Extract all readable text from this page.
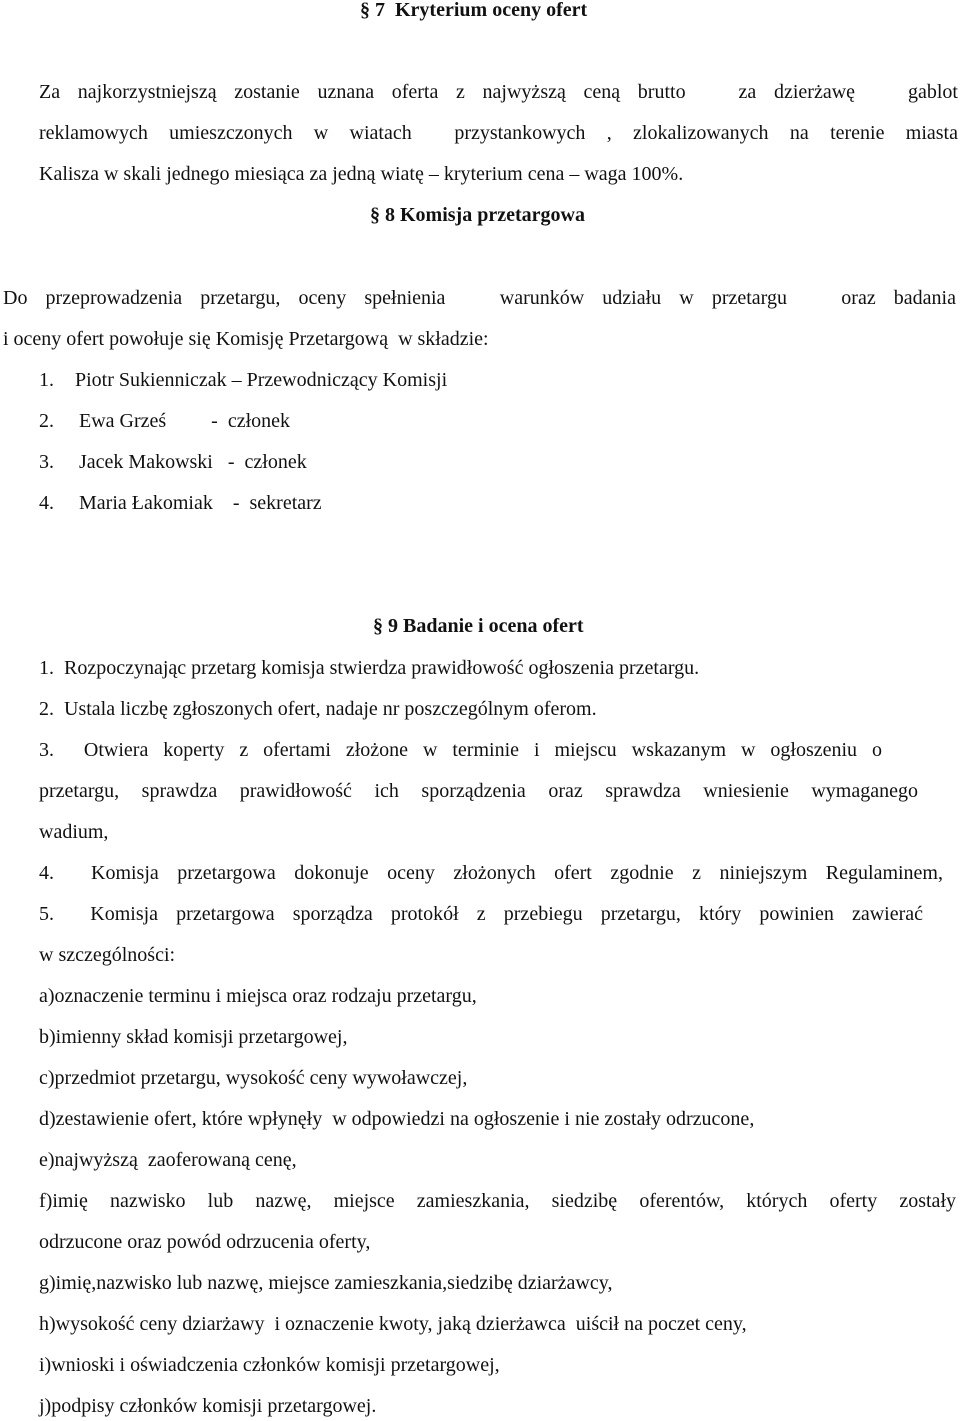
§ 7  Kryterium oceny ofert
Za najkorzystniejszą zostanie uznana oferta z najwyższą ceną brutto   za dzierżawę   gablot
reklamowych umieszczonych w wiatach  przystankowych , zlokalizowanych na terenie miasta
Kalisza w skali jednego miesiąca za jedną wiatę – kryterium cena – waga 100%.
§ 8 Komisja przetargowa
Do przeprowadzenia przetargu, oceny spełnienia   warunków udziału w przetargu   oraz badania
i oceny ofert powołuje się Komisję Przetargową  w składzie:
1. Piotr Sukienniczak – Przewodniczący Komisji
2. Ewa Grześ         -  członek
3. Jacek Makowski   -  członek
4. Maria Łakomiak    -  sekretarz
§ 9 Badanie i ocena ofert
1.  Rozpoczynając przetarg komisja stwierdza prawidłowość ogłoszenia przetargu.
2.  Ustala liczbę zgłoszonych ofert, nadaje nr poszczególnym oferom.
3.  Otwiera koperty z ofertami złożone w terminie i miejscu wskazanym w ogłoszeniu o
przetargu, sprawdza prawidłowość ich sporządzenia oraz sprawdza wniesienie wymaganego
wadium,
4.  Komisja przetargowa dokonuje oceny złożonych ofert zgodnie z niniejszym Regulaminem,
5.  Komisja przetargowa sporządza protokół z przebiegu przetargu, który powinien zawierać
w szczególności:
a)oznaczenie terminu i miejsca oraz rodzaju przetargu,
b)imienny skład komisji przetargowej,
c)przedmiot przetargu, wysokość ceny wywoławczej,
d)zestawienie ofert, które wpłynęły  w odpowiedzi na ogłoszenie i nie zostały odrzucone,
e)najwyższą  zaoferowaną cenę,
f)imię nazwisko lub nazwę, miejsce zamieszkania, siedzibę oferentów, których oferty zostały
odrzucone oraz powód odrzucenia oferty,
g)imię,nazwisko lub nazwę, miejsce zamieszkania,siedzibę dziarżawcy,
h)wysokość ceny dziarżawy  i oznaczenie kwoty, jaką dzierżawca  uiścił na poczet ceny,
i)wnioski i oświadczenia członków komisji przetargowej,
j)podpisy członków komisji przetargowej.
